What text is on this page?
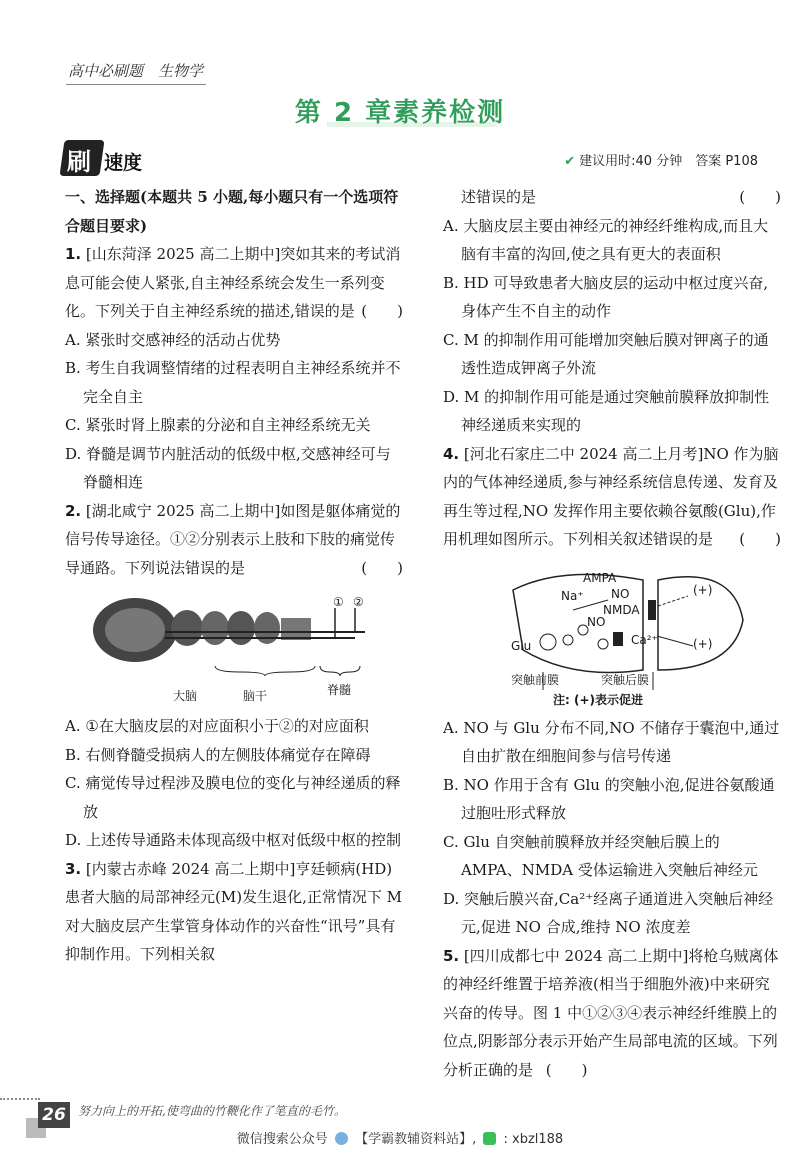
高中必刷题　生物学
第 2 章素养检测
刷 速度	✔ 建议用时:40 分钟　答案 P108

一、选择题(本题共 5 小题,每小题只有一个选项符合题目要求)

1. [山东菏泽 2025 高二上期中]突如其来的考试消息可能会使人紧张,自主神经系统会发生一系列变化。下列关于自主神经系统的描述,错误的是 (　　)

A. 紧张时交感神经的活动占优势

B. 考生自我调整情绪的过程表明自主神经系统并不完全自主

C. 紧张时肾上腺素的分泌和自主神经系统无关

D. 脊髓是调节内脏活动的低级中枢,交感神经可与脊髓相连

2. [湖北咸宁 2025 高二上期中]如图是躯体痛觉的信号传导途径。①②分别表示上肢和下肢的痛觉传导通路。下列说法错误的是	(　　)

① ②
大脑	脑干	脊髓

A. ①在大脑皮层的对应面积小于②的对应面积

B. 右侧脊髓受损病人的左侧肢体痛觉存在障碍

C. 痛觉传导过程涉及膜电位的变化与神经递质的释放

D. 上述传导通路未体现高级中枢对低级中枢的控制

3. [内蒙古赤峰 2024 高二上期中]亨廷顿病(HD)患者大脑的局部神经元(M)发生退化,正常情况下 M 对大脑皮层产生掌管身体动作的兴奋性“讯号”具有抑制作用。下列相关叙

述错误的是	(　　)

A. 大脑皮层主要由神经元的神经纤维构成,而且大脑有丰富的沟回,使之具有更大的表面积

B. HD 可导致患者大脑皮层的运动中枢过度兴奋,身体产生不自主的动作

C. M 的抑制作用可能增加突触后膜对钾离子的通透性造成钾离子外流

D. M 的抑制作用可能是通过突触前膜释放抑制性神经递质来实现的

4. [河北石家庄二中 2024 高二上月考]NO 作为脑内的气体神经递质,参与神经系统信息传递、发育及再生等过程,NO 发挥作用主要依赖谷氨酸(Glu),作用机理如图所示。下列相关叙述错误的是 (　　)

AMPA
Na⁺ NO
NO
NMDA
Ca²⁺
(+)
(+)
Glu
突触前膜	突触后膜
注: (+)表示促进

A. NO 与 Glu 分布不同,NO 不储存于囊泡中,通过自由扩散在细胞间参与信号传递

B. NO 作用于含有 Glu 的突触小泡,促进谷氨酸通过胞吐形式释放

C. Glu 自突触前膜释放并经突触后膜上的 AMPA、NMDA 受体运输进入突触后神经元

D. 突触后膜兴奋,Ca²⁺经离子通道进入突触后神经元,促进 NO 合成,维持 NO 浓度差

5. [四川成都七中 2024 高二上期中]将枪乌贼离体的神经纤维置于培养液(相当于细胞外液)中来研究兴奋的传导。图 1 中①②③④表示神经纤维膜上的位点,阴影部分表示开始产生局部电流的区域。下列分析正确的是 (　　)

26	努力向上的开拓,使弯曲的竹鞭化作了笔直的毛竹。
微信搜索公众号 【学霸教辅资料站】, : xbzl188
